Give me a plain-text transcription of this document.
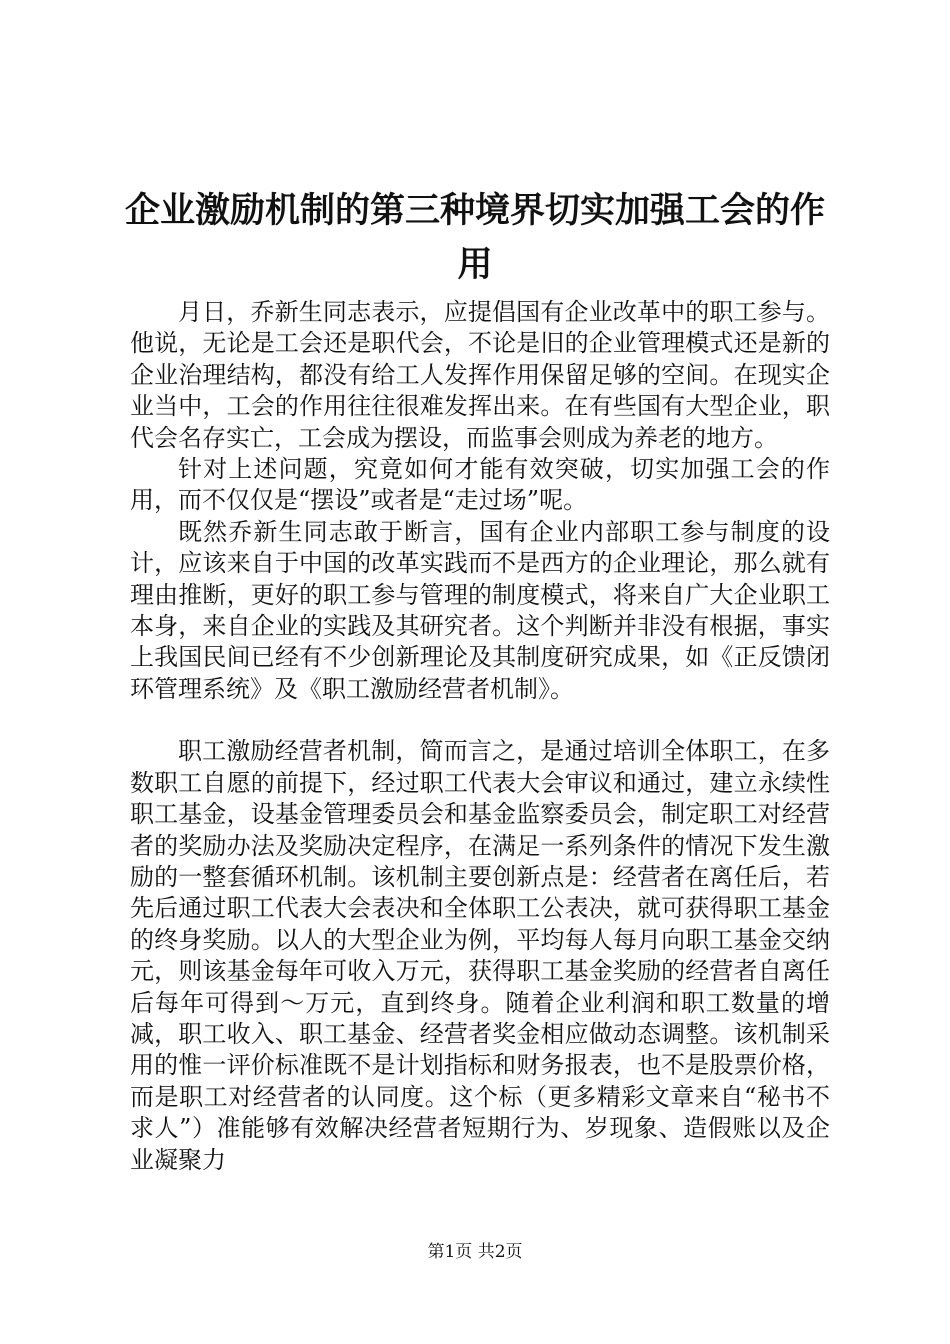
企业激励机制的第三种境界切实加强工会的作用

月日，乔新生同志表示，应提倡国有企业改革中的职工参与。他说，无论是工会还是职代会，不论是旧的企业管理模式还是新的企业治理结构，都没有给工人发挥作用保留足够的空间。在现实企业当中，工会的作用往往很难发挥出来。在有些国有大型企业，职代会名存实亡，工会成为摆设，而监事会则成为养老的地方。

针对上述问题，究竟如何才能有效突破，切实加强工会的作用，而不仅仅是“摆设”或者是“走过场”呢。

既然乔新生同志敢于断言，国有企业内部职工参与制度的设计，应该来自于中国的改革实践而不是西方的企业理论，那么就有理由推断，更好的职工参与管理的制度模式，将来自广大企业职工本身，来自企业的实践及其研究者。这个判断并非没有根据，事实上我国民间已经有不少创新理论及其制度研究成果，如《正反馈闭环管理系统》及《职工激励经营者机制》。

职工激励经营者机制，简而言之，是通过培训全体职工，在多数职工自愿的前提下，经过职工代表大会审议和通过，建立永续性职工基金，设基金管理委员会和基金监察委员会，制定职工对经营者的奖励办法及奖励决定程序，在满足一系列条件的情况下发生激励的一整套循环机制。该机制主要创新点是：经营者在离任后，若先后通过职工代表大会表决和全体职工公表决，就可获得职工基金的终身奖励。以人的大型企业为例，平均每人每月向职工基金交纳元，则该基金每年可收入万元，获得职工基金奖励的经营者自离任后每年可得到～万元，直到终身。随着企业利润和职工数量的增减，职工收入、职工基金、经营者奖金相应做动态调整。该机制采用的惟一评价标准既不是计划指标和财务报表，也不是股票价格，而是职工对经营者的认同度。这个标（更多精彩文章来自“秘书不求人”）准能够有效解决经营者短期行为、岁现象、造假账以及企业凝聚力

第1页 共2页
